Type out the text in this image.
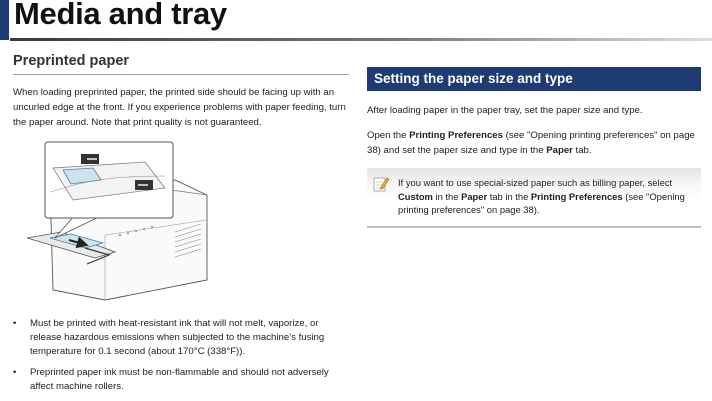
Media and tray
Preprinted paper

When loading preprinted paper, the printed side should be facing up with an uncurled edge at the front. If you experience problems with paper feeding, turn the paper around. Note that print quality is not guaranteed.

• Must be printed with heat-resistant ink that will not melt, vaporize, or release hazardous emissions when subjected to the machine’s fusing temperature for 0.1 second (about 170°C (338°F)).
• Preprinted paper ink must be non-flammable and should not adversely affect machine rollers.
Setting the paper size and type

After loading paper in the paper tray, set the paper size and type.

Open the Printing Preferences (see "Opening printing preferences" on page 38) and set the paper size and type in the Paper tab.

If you want to use special-sized paper such as billing paper, select Custom in the Paper tab in the Printing Preferences (see "Opening printing preferences" on page 38).
